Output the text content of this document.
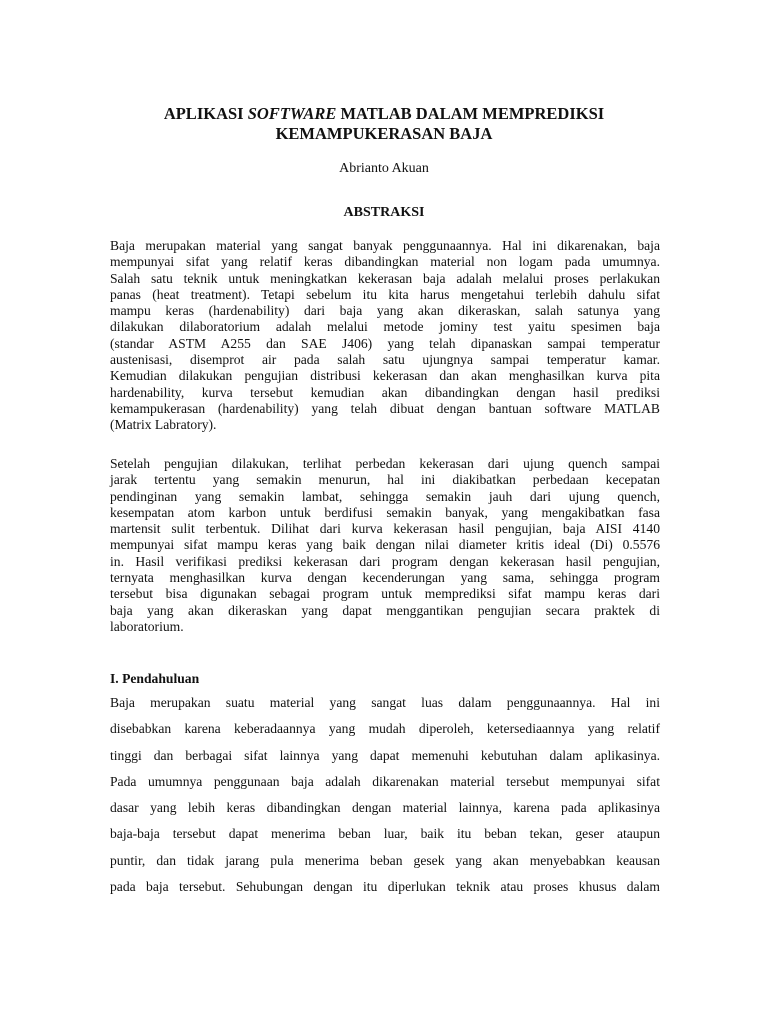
APLIKASI SOFTWARE MATLAB DALAM MEMPREDIKSI
KEMAMPUKERASAN BAJA
Abrianto Akuan
ABSTRAKSI
Baja merupakan material yang sangat banyak penggunaannya. Hal ini dikarenakan, baja
mempunyai sifat yang relatif keras dibandingkan material non logam pada umumnya.
Salah satu teknik untuk meningkatkan kekerasan baja adalah melalui proses perlakukan
panas (heat treatment). Tetapi sebelum itu kita harus mengetahui terlebih dahulu sifat
mampu keras (hardenability) dari baja yang akan dikeraskan, salah satunya yang
dilakukan dilaboratorium adalah melalui metode jominy test yaitu spesimen baja
(standar ASTM A255 dan SAE J406) yang telah dipanaskan sampai temperatur
austenisasi, disemprot air pada salah satu ujungnya sampai temperatur kamar.
Kemudian dilakukan pengujian distribusi kekerasan dan akan menghasilkan kurva pita
hardenability, kurva tersebut kemudian akan dibandingkan dengan hasil prediksi
kemampukerasan (hardenability) yang telah dibuat dengan bantuan software MATLAB
(Matrix Labratory).
Setelah pengujian dilakukan, terlihat perbedan kekerasan dari ujung quench sampai
jarak tertentu yang semakin menurun, hal ini diakibatkan perbedaan kecepatan
pendinginan yang semakin lambat, sehingga semakin jauh dari ujung quench,
kesempatan atom karbon untuk berdifusi semakin banyak, yang mengakibatkan fasa
martensit sulit terbentuk. Dilihat dari kurva kekerasan hasil pengujian, baja AISI 4140
mempunyai sifat mampu keras yang baik dengan nilai diameter kritis ideal (Di) 0.5576
in. Hasil verifikasi prediksi kekerasan dari program dengan kekerasan hasil pengujian,
ternyata menghasilkan kurva dengan kecenderungan yang sama, sehingga program
tersebut bisa digunakan sebagai program untuk memprediksi sifat mampu keras dari
baja yang akan dikeraskan yang dapat menggantikan pengujian secara praktek di
laboratorium.
I. Pendahuluan
Baja merupakan suatu material yang sangat luas dalam penggunaannya. Hal ini
disebabkan karena keberadaannya yang mudah diperoleh, ketersediaannya yang relatif
tinggi dan berbagai sifat lainnya yang dapat memenuhi kebutuhan dalam aplikasinya.
Pada umumnya penggunaan baja adalah dikarenakan material tersebut mempunyai sifat
dasar yang lebih keras dibandingkan dengan material lainnya, karena pada aplikasinya
baja-baja tersebut dapat menerima beban luar, baik itu beban tekan, geser ataupun
puntir, dan tidak jarang pula menerima beban gesek yang akan menyebabkan keausan
pada baja tersebut. Sehubungan dengan itu diperlukan teknik atau proses khusus dalam
